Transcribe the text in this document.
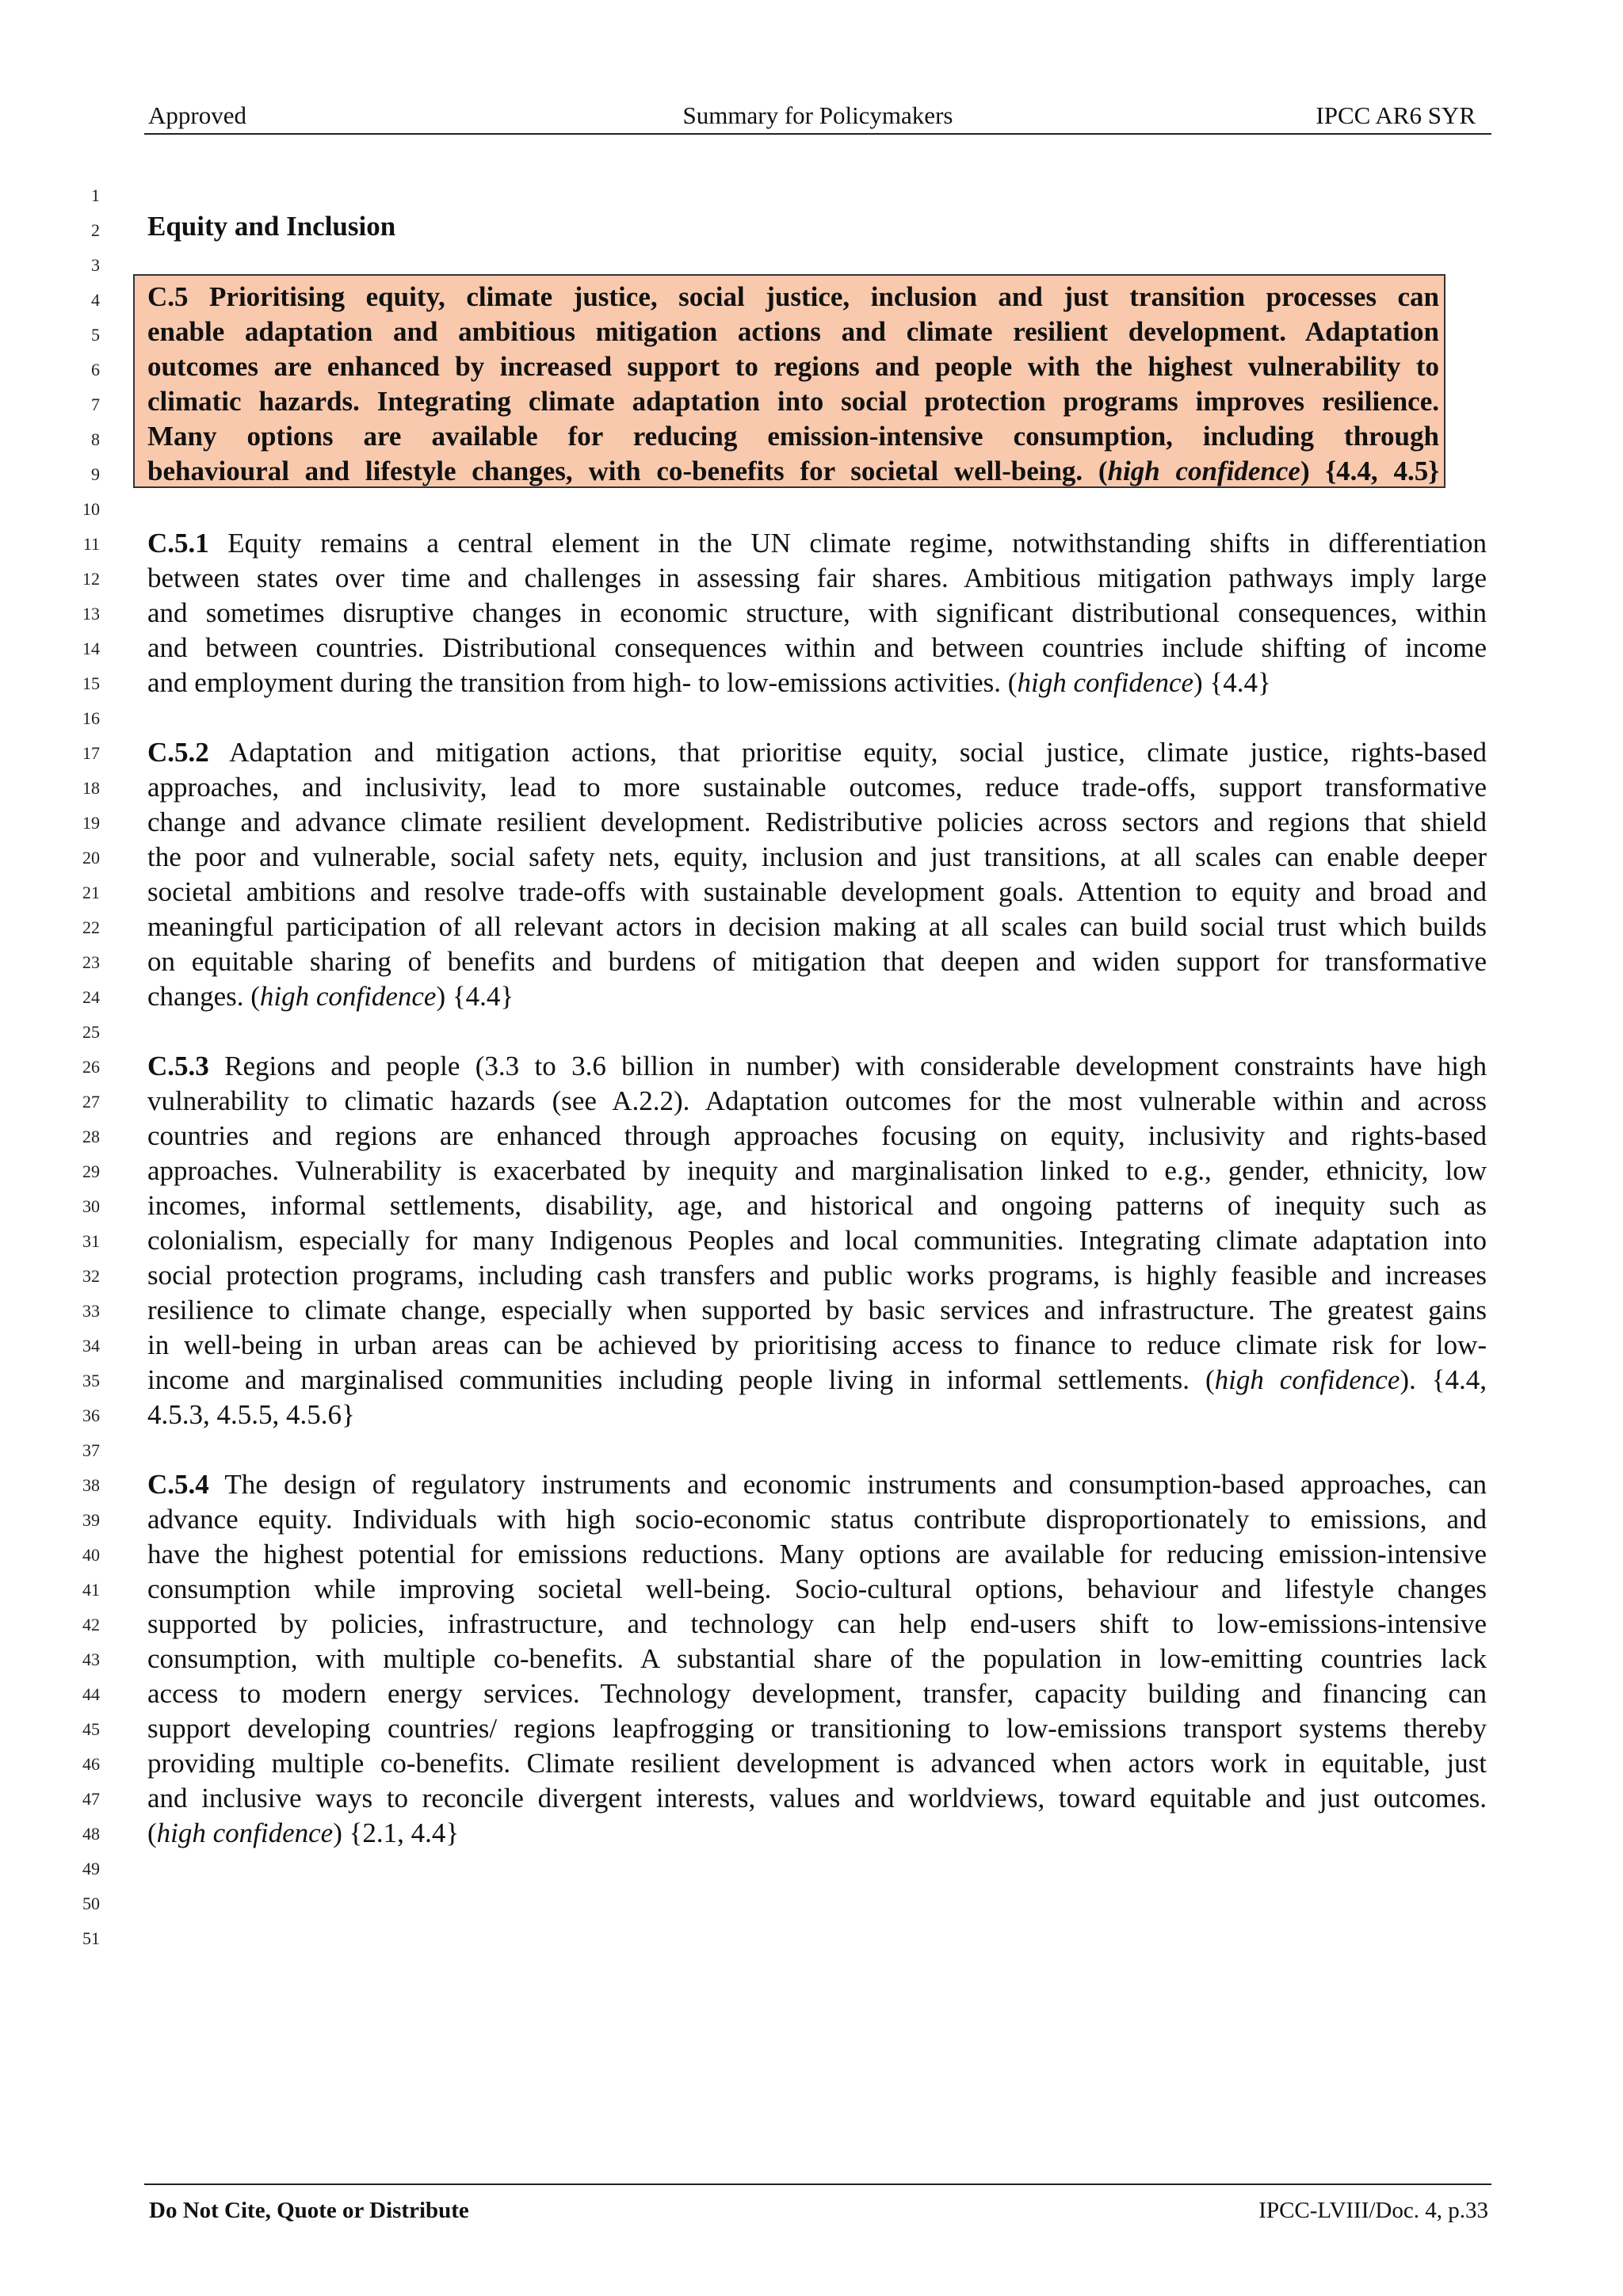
Approved	Summary for Policymakers	IPCC AR6 SYR
1
2
3
4
5
6
7
8
9
10
11
12
13
14
15
16
17
18
19
20
21
22
23
24
25
26
27
28
29
30
31
32
33
34
35
36
37
38
39
40
41
42
43
44
45
46
47
48
49
50
51
Equity and Inclusion
C.5 Prioritising equity, climate justice, social justice, inclusion and just transition processes can
enable adaptation and ambitious mitigation actions and climate resilient development. Adaptation
outcomes are enhanced by increased support to regions and people with the highest vulnerability to
climatic hazards. Integrating climate adaptation into social protection programs improves resilience.
Many options are available for reducing emission-intensive consumption, including through
behavioural and lifestyle changes, with co-benefits for societal well-being. (high confidence) {4.4, 4.5}
C.5.1 Equity remains a central element in the UN climate regime, notwithstanding shifts in differentiation
between states over time and challenges in assessing fair shares. Ambitious mitigation pathways imply large
and sometimes disruptive changes in economic structure, with significant distributional consequences, within
and between countries. Distributional consequences within and between countries include shifting of income
and employment during the transition from high- to low-emissions activities. (high confidence) {4.4}
C.5.2 Adaptation and mitigation actions, that prioritise equity, social justice, climate justice, rights-based
approaches, and inclusivity, lead to more sustainable outcomes, reduce trade-offs, support transformative
change and advance climate resilient development. Redistributive policies across sectors and regions that shield
the poor and vulnerable, social safety nets, equity, inclusion and just transitions, at all scales can enable deeper
societal ambitions and resolve trade-offs with sustainable development goals. Attention to equity and broad and
meaningful participation of all relevant actors in decision making at all scales can build social trust which builds
on equitable sharing of benefits and burdens of mitigation that deepen and widen support for transformative
changes. (high confidence) {4.4}
C.5.3 Regions and people (3.3 to 3.6 billion in number) with considerable development constraints have high
vulnerability to climatic hazards (see A.2.2). Adaptation outcomes for the most vulnerable within and across
countries and regions are enhanced through approaches focusing on equity, inclusivity and rights-based
approaches. Vulnerability is exacerbated by inequity and marginalisation linked to e.g., gender, ethnicity, low
incomes, informal settlements, disability, age, and historical and ongoing patterns of inequity such as
colonialism, especially for many Indigenous Peoples and local communities. Integrating climate adaptation into
social protection programs, including cash transfers and public works programs, is highly feasible and increases
resilience to climate change, especially when supported by basic services and infrastructure. The greatest gains
in well-being in urban areas can be achieved by prioritising access to finance to reduce climate risk for low-
income and marginalised communities including people living in informal settlements. (high confidence). {4.4,
4.5.3, 4.5.5, 4.5.6}
C.5.4 The design of regulatory instruments and economic instruments and consumption-based approaches, can
advance equity. Individuals with high socio-economic status contribute disproportionately to emissions, and
have the highest potential for emissions reductions. Many options are available for reducing emission-intensive
consumption while improving societal well-being. Socio-cultural options, behaviour and lifestyle changes
supported by policies, infrastructure, and technology can help end-users shift to low-emissions-intensive
consumption, with multiple co-benefits. A substantial share of the population in low-emitting countries lack
access to modern energy services. Technology development, transfer, capacity building and financing can
support developing countries/ regions leapfrogging or transitioning to low-emissions transport systems thereby
providing multiple co-benefits. Climate resilient development is advanced when actors work in equitable, just
and inclusive ways to reconcile divergent interests, values and worldviews, toward equitable and just outcomes.
(high confidence) {2.1, 4.4}
Do Not Cite, Quote or Distribute	IPCC-LVIII/Doc. 4, p.33
